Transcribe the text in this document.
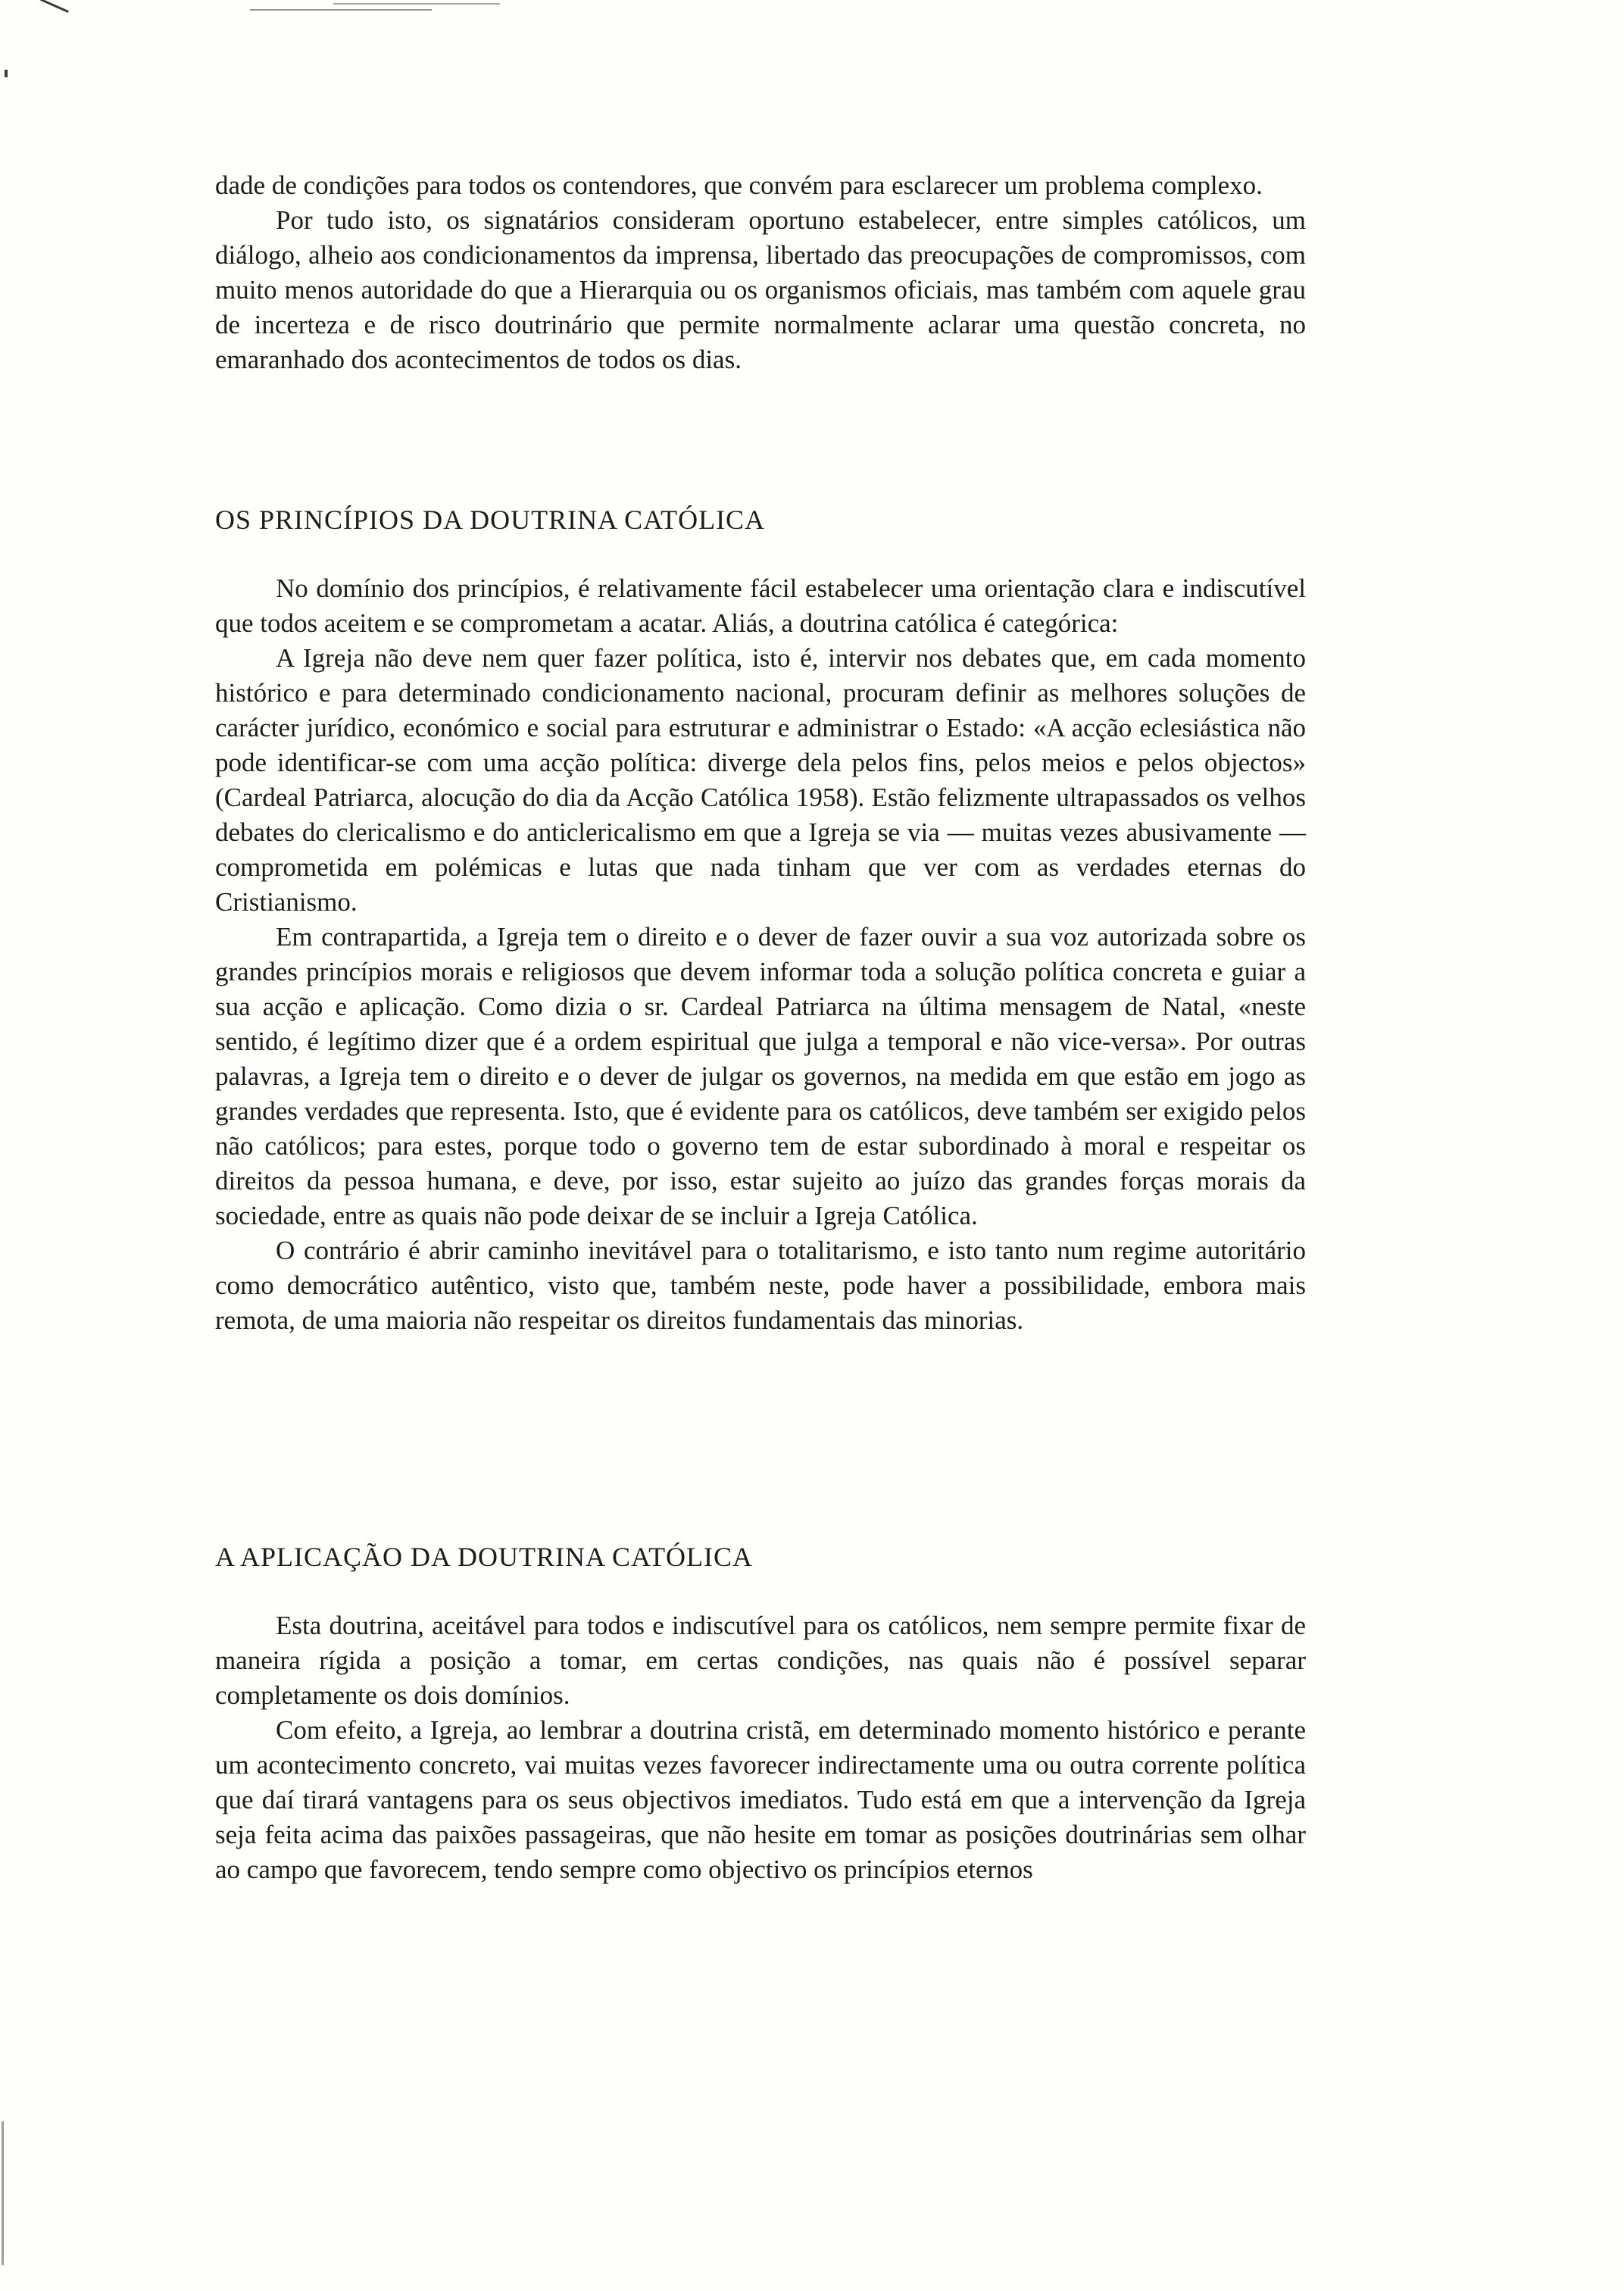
dade de condições para todos os contendores, que convém para esclarecer um problema complexo.

Por tudo isto, os signatários consideram oportuno estabelecer, entre simples católicos, um diálogo, alheio aos condicionamentos da imprensa, libertado das preocupações de compromissos, com muito menos autoridade do que a Hierarquia ou os organismos oficiais, mas também com aquele grau de incerteza e de risco doutrinário que permite normalmente aclarar uma questão concreta, no emaranhado dos acontecimentos de todos os dias.

OS PRINCÍPIOS DA DOUTRINA CATÓLICA

No domínio dos princípios, é relativamente fácil estabelecer uma orientação clara e indiscutível que todos aceitem e se comprometam a acatar. Aliás, a doutrina católica é categórica:

A Igreja não deve nem quer fazer política, isto é, intervir nos debates que, em cada momento histórico e para determinado condicionamento nacional, procuram definir as melhores soluções de carácter jurídico, económico e social para estruturar e administrar o Estado: «A acção eclesiástica não pode identificar-se com uma acção política: diverge dela pelos fins, pelos meios e pelos objectos» (Cardeal Patriarca, alocução do dia da Acção Católica 1958). Estão felizmente ultrapassados os velhos debates do clericalismo e do anticlericalismo em que a Igreja se via — muitas vezes abusivamente — comprometida em polémicas e lutas que nada tinham que ver com as verdades eternas do Cristianismo.

Em contrapartida, a Igreja tem o direito e o dever de fazer ouvir a sua voz autorizada sobre os grandes princípios morais e religiosos que devem informar toda a solução política concreta e guiar a sua acção e aplicação. Como dizia o sr. Cardeal Patriarca na última mensagem de Natal, «neste sentido, é legítimo dizer que é a ordem espiritual que julga a temporal e não vice-versa». Por outras palavras, a Igreja tem o direito e o dever de julgar os governos, na medida em que estão em jogo as grandes verdades que representa. Isto, que é evidente para os católicos, deve também ser exigido pelos não católicos; para estes, porque todo o governo tem de estar subordinado à moral e respeitar os direitos da pessoa humana, e deve, por isso, estar sujeito ao juízo das grandes forças morais da sociedade, entre as quais não pode deixar de se incluir a Igreja Católica.

O contrário é abrir caminho inevitável para o totalitarismo, e isto tanto num regime autoritário como democrático autêntico, visto que, também neste, pode haver a possibilidade, embora mais remota, de uma maioria não respeitar os direitos fundamentais das minorias.

A APLICAÇÃO DA DOUTRINA CATÓLICA

Esta doutrina, aceitável para todos e indiscutível para os católicos, nem sempre permite fixar de maneira rígida a posição a tomar, em certas condições, nas quais não é possível separar completamente os dois domínios.

Com efeito, a Igreja, ao lembrar a doutrina cristã, em determinado momento histórico e perante um acontecimento concreto, vai muitas vezes favorecer indirectamente uma ou outra corrente política que daí tirará vantagens para os seus objectivos imediatos. Tudo está em que a intervenção da Igreja seja feita acima das paixões passageiras, que não hesite em tomar as posições doutrinárias sem olhar ao campo que favorecem, tendo sempre como objectivo os princípios eternos
